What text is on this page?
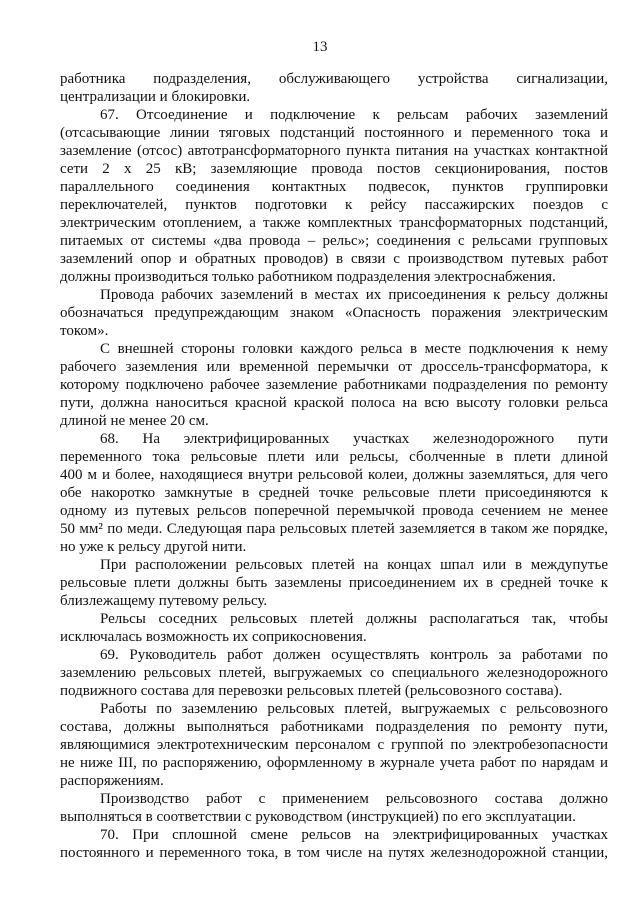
13
работника подразделения, обслуживающего устройства сигнализации,
централизации и блокировки.
67. Отсоединение и подключение к рельсам рабочих заземлений
(отсасывающие линии тяговых подстанций постоянного и переменного тока и
заземление (отсос) автотрансформаторного пункта питания на участках контактной
сети 2 х 25 кВ; заземляющие провода постов секционирования, постов
параллельного соединения контактных подвесок, пунктов группировки
переключателей, пунктов подготовки к рейсу пассажирских поездов с
электрическим отоплением, а также комплектных трансформаторных подстанций,
питаемых от системы «два провода – рельс»; соединения с рельсами групповых
заземлений опор и обратных проводов) в связи с производством путевых работ
должны производиться только работником подразделения электроснабжения.
Провода рабочих заземлений в местах их присоединения к рельсу должны
обозначаться предупреждающим знаком «Опасность поражения электрическим
током».
С внешней стороны головки каждого рельса в месте подключения к нему
рабочего заземления или временной перемычки от дроссель-трансформатора, к
которому подключено рабочее заземление работниками подразделения по ремонту
пути, должна наноситься красной краской полоса на всю высоту головки рельса
длиной не менее 20 см.
68. На электрифицированных участках железнодорожного пути
переменного тока рельсовые плети или рельсы, сболченные в плети длиной
400 м и более, находящиеся внутри рельсовой колеи, должны заземляться, для чего
обе накоротко замкнутые в средней точке рельсовые плети присоединяются к
одному из путевых рельсов поперечной перемычкой провода сечением не менее
50 мм² по меди. Следующая пара рельсовых плетей заземляется в таком же порядке,
но уже к рельсу другой нити.
При расположении рельсовых плетей на концах шпал или в междупутье
рельсовые плети должны быть заземлены присоединением их в средней точке к
близлежащему путевому рельсу.
Рельсы соседних рельсовых плетей должны располагаться так, чтобы
исключалась возможность их соприкосновения.
69. Руководитель работ должен осуществлять контроль за работами по
заземлению рельсовых плетей, выгружаемых со специального железнодорожного
подвижного состава для перевозки рельсовых плетей (рельсовозного состава).
Работы по заземлению рельсовых плетей, выгружаемых с рельсовозного
состава, должны выполняться работниками подразделения по ремонту пути,
являющимися электротехническим персоналом с группой по электробезопасности
не ниже III, по распоряжению, оформленному в журнале учета работ по нарядам и
распоряжениям.
Производство работ с применением рельсовозного состава должно
выполняться в соответствии с руководством (инструкцией) по его эксплуатации.
70. При сплошной смене рельсов на электрифицированных участках
постоянного и переменного тока, в том числе на путях железнодорожной станции,
